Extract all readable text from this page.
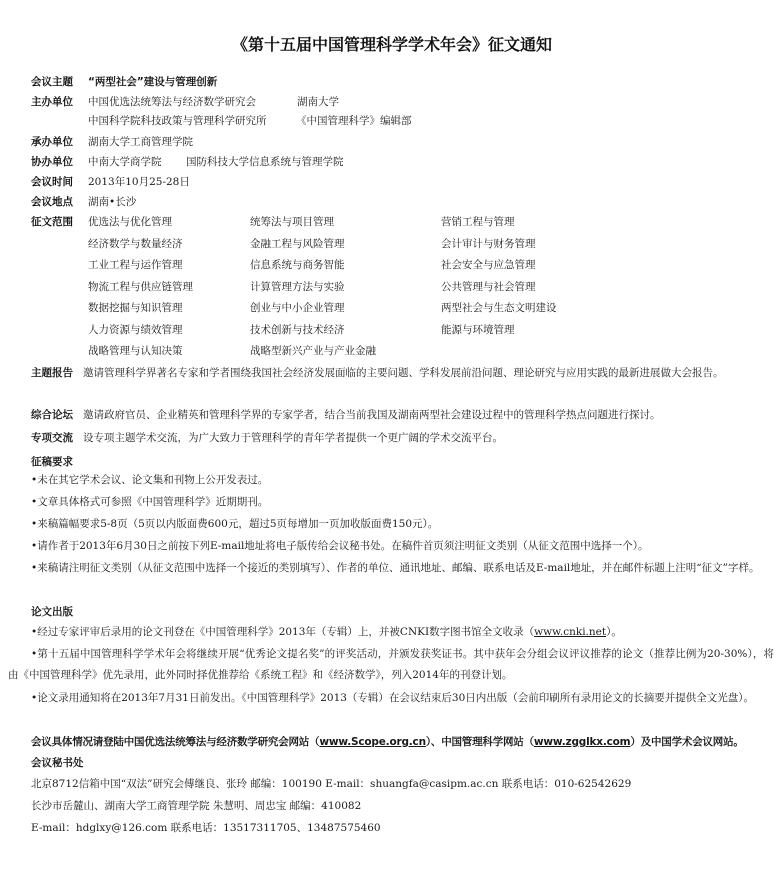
《第十五届中国管理科学学术年会》征文通知
会议主题 “两型社会”建设与管理创新
主办单位 中国优选法统筹法与经济数学研究会	湖南大学
中国科学院科技政策与管理科学研究所	《中国管理科学》编辑部
承办单位 湖南大学工商管理学院
协办单位 中南大学商学院 国防科技大学信息系统与管理学院
会议时间 2013年10月25-28日
会议地点 湖南•长沙
征文范围 优选法与优化管理	统筹法与项目管理	营销工程与管理
经济数学与数量经济	金融工程与风险管理	会计审计与财务管理
工业工程与运作管理	信息系统与商务智能	社会安全与应急管理
物流工程与供应链管理	计算管理方法与实验	公共管理与社会管理
数据挖掘与知识管理	创业与中小企业管理	两型社会与生态文明建设
人力资源与绩效管理	技术创新与技术经济	能源与环境管理
战略管理与认知决策	战略型新兴产业与产业金融
主题报告 邀请管理科学界著名专家和学者围绕我国社会经济发展面临的主要问题、学科发展前沿问题、理论研究与应用实践的最新进展做大会报告。
综合论坛 邀请政府官员、企业精英和管理科学界的专家学者，结合当前我国及湖南两型社会建设过程中的管理科学热点问题进行探讨。
专项交流 设专项主题学术交流，为广大致力于管理科学的青年学者提供一个更广阔的学术交流平台。
征稿要求
•未在其它学术会议、论文集和刊物上公开发表过。
•文章具体格式可参照《中国管理科学》近期期刊。
•来稿篇幅要求5-8页（5页以内版面费600元，超过5页每增加一页加收版面费150元）。
•请作者于2013年6月30日之前按下列E-mail地址将电子版传给会议秘书处。在稿件首页须注明征文类别（从征文范围中选择一个）。
•来稿请注明征文类别（从征文范围中选择一个接近的类别填写）、作者的单位、通讯地址、邮编、联系电话及E-mail地址，并在邮件标题上注明“征文”字样。
论文出版
•经过专家评审后录用的论文刊登在《中国管理科学》2013年（专辑）上，并被CNKI数字图书馆全文收录（www.cnki.net）。
•第十五届中国管理科学学术年会将继续开展“优秀论文提名奖”的评奖活动，并颁发获奖证书。其中获年会分组会议评议推荐的论文（推荐比例为20-30%），将由《中国管理科学》优先录用，此外同时择优推荐给《系统工程》和《经济数学》，列入2014年的刊登计划。
•论文录用通知将在2013年7月31日前发出。《中国管理科学》2013（专辑）在会议结束后30日内出版（会前印刷所有录用论文的长摘要并提供全文光盘）。
会议具体情况请登陆中国优选法统筹法与经济数学研究会网站（www.Scope.org.cn）、中国管理科学网站（www.zgglkx.com）及中国学术会议网站。
会议秘书处
北京8712信箱中国“双法”研究会傅继良、张玲 邮编：100190 E-mail：shuangfa@casipm.ac.cn 联系电话：010-62542629
长沙市岳麓山、湖南大学工商管理学院 朱慧明、周忠宝 邮编：410082
E-mail：hdglxy@126.com 联系电话：13517311705、13487575460
